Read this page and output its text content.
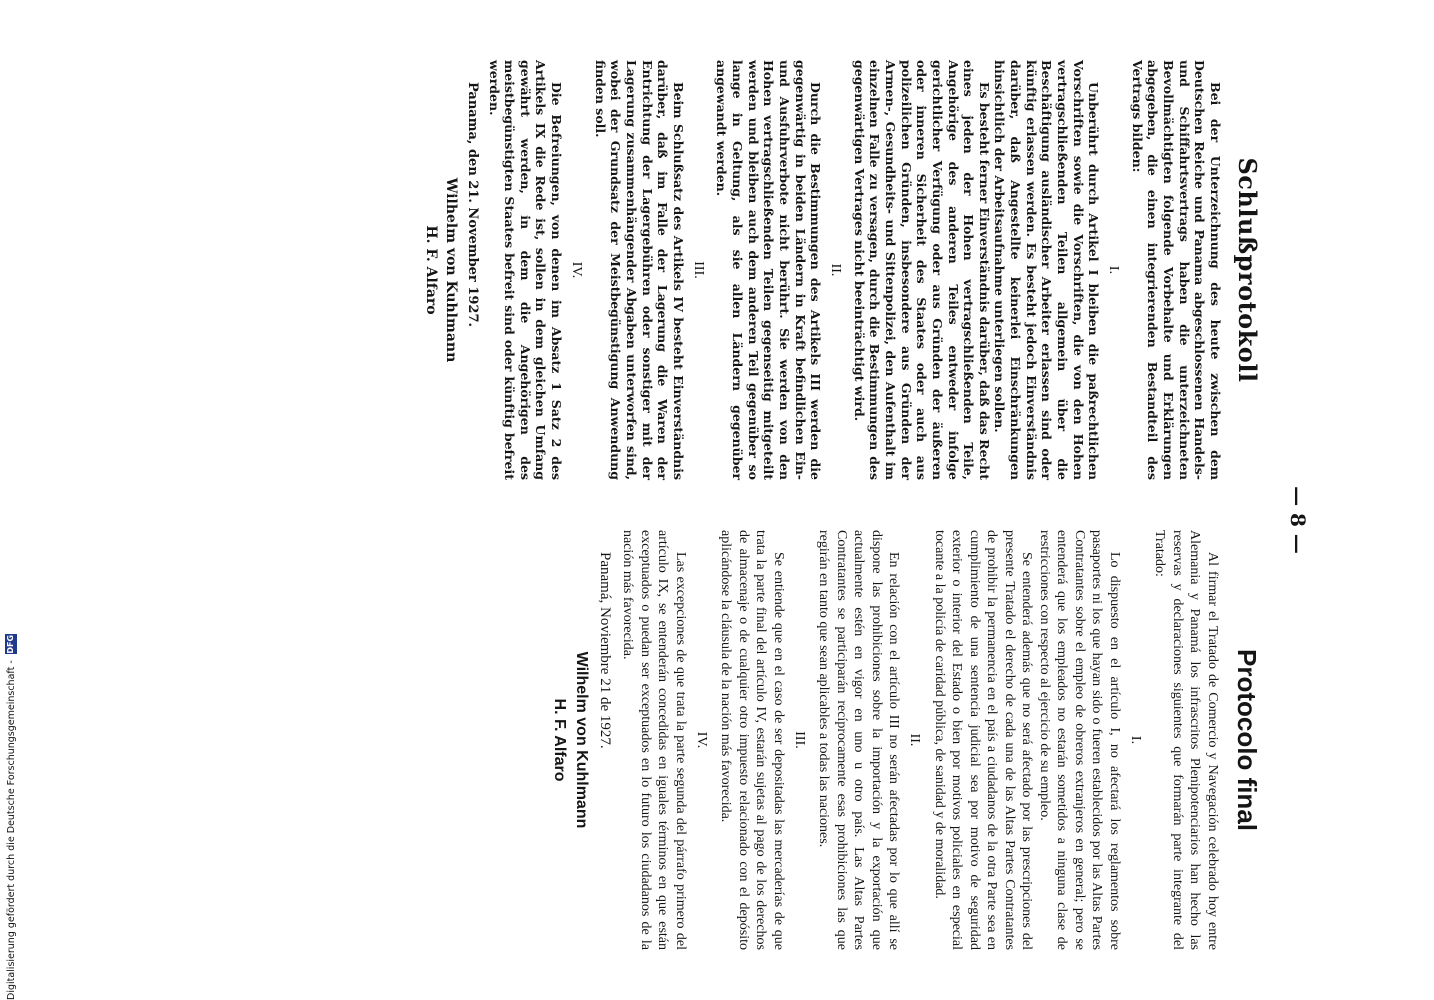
Digitalisierung gefördert durch die Deutsche Forschungsgemeinschaft -
DFG
— 8 —
Schlußprotokoll

Bei der Unterzeichnung des heute zwischen dem Deutschen Reiche und Panama abgeschlossenen Handels- und Schiffahrtsvertrags haben die unterzeichneten Bevollmächtigten folgende Vorbehalte und Erklärungen abgegeben, die einen integrierenden Bestandteil des Vertrags bilden:

I.

Unberührt durch Artikel I bleiben die paßrechtlichen Vorschriften sowie die Vorschriften, die von den Hohen vertragschließenden Teilen allgemein über die Beschäftigung ausländischer Arbeiter erlassen sind oder künftig erlassen werden. Es besteht jedoch Einverständnis darüber, daß Angestellte keinerlei Einschränkungen hinsichtlich der Arbeitsaufnahme unterliegen sollen.

Es besteht ferner Einverständnis darüber, daß das Recht eines jeden der Hohen vertragschließenden Teile, Angehörige des anderen Teiles entweder infolge gerichtlicher Verfügung oder aus Gründen der äußeren oder inneren Sicherheit des Staates oder auch aus polizeilichen Gründen, insbesondere aus Gründen der Armen-, Gesundheits- und Sittenpolizei, den Aufenthalt im einzelnen Falle zu versagen, durch die Bestimmungen des gegenwärtigen Vertrages nicht beeinträchtigt wird.

II.

Durch die Bestimmungen des Artikels III werden die gegenwärtig in beiden Ländern in Kraft befindlichen Ein- und Ausfuhrverbote nicht berührt. Sie werden von den Hohen vertragschließenden Teilen gegenseitig mitgeteilt werden und bleiben auch dem anderen Teil gegenüber so lange in Geltung, als sie allen Ländern gegenüber angewandt werden.

III.

Beim Schlußsatz des Artikels IV besteht Einverständnis darüber, daß im Falle der Lagerung die Waren der Entrichtung der Lagergebühren oder sonstiger mit der Lagerung zusammenhängender Abgaben unterworfen sind, wobei der Grundsatz der Meistbegünstigung Anwendung finden soll.

IV.

Die Befreiungen, von denen im Absatz 1 Satz 2 des Artikels IX die Rede ist, sollen in dem gleichen Umfang gewährt werden, in dem die Angehörigen des meistbegünstigten Staates befreit sind oder künftig befreit werden.

Panama, den 21. November 1927.
Wilhelm von Kuhlmann
H. F. Alfaro
Protocolo final

Al firmar el Tratado de Comercio y Navegación celebrado hoy entre Alemania y Panamá los infrascritos Plenipotenciarios han hecho las reservas y declaraciones siguientes que formarán parte integrante del Tratado:

I.

Lo dispuesto en el artículo I, no afectará los reglamentos sobre pasaportes ni los que hayan sido o fueren establecidos por las Altas Partes Contratantes sobre el empleo de obreros extranjeros en general; pero se entenderá que los empleados no estarán sometidos a ninguna clase de restricciones con respecto al ejercicio de su empleo.

Se entenderá además que no será afectado por las prescripciones del presente Tratado el derecho de cada una de las Altas Partes Contratantes de prohibir la permanencia en el país a ciudadanos de la otra Parte sea en cumplimiento de una sentencia judicial sea por motivo de seguridad exterior o interior del Estado o bien por motivos policiales en especial tocante a la policía de caridad pública, de sanidad y de moralidad.

II.

En relación con el artículo III no serán afectadas por lo que allí se dispone las prohibiciones sobre la importación y la exportación que actualmente estén en vigor en uno u otro país. Las Altas Partes Contratantes se participarán recíprocamente esas prohibiciones las que regirán en tanto que sean aplicables a todas las naciones.

III.

Se entiende que en el caso de ser depositadas las mercaderías de que trata la parte final del artículo IV, estarán sujetas al pago de los derechos de almacenaje o de cualquier otro impuesto relacionado con el depósito aplicándose la cláusula de la nación más favorecida.

IV.

Las excepciones de que trata la parte segunda del párrafo primero del artículo IX, se entenderán concedidas en iguales términos en que están exceptuados o puedan ser exceptuados en lo futuro los ciudadanos de la nación más favorecida.

Panamá, Noviembre 21 de 1927.
Wilhelm von Kuhlmann
H. F. Alfaro
